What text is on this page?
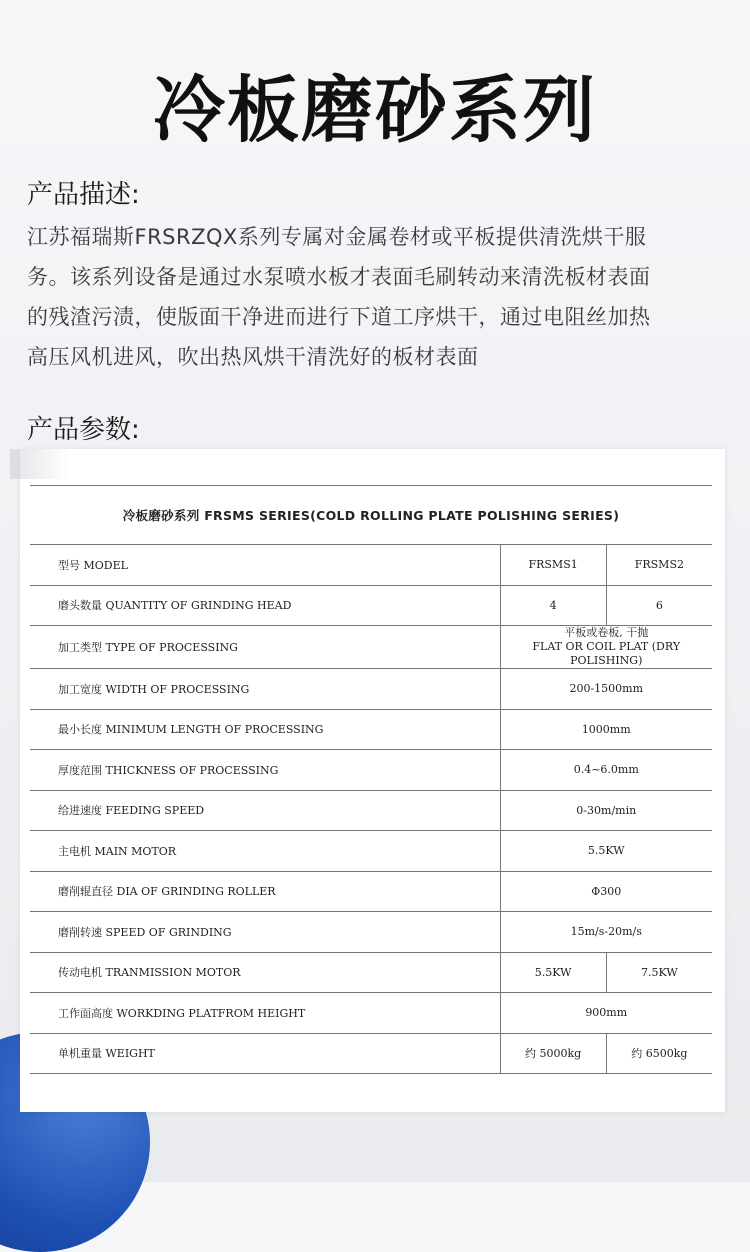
冷板磨砂系列
产品描述:
江苏福瑞斯FRSRZQX系列专属对金属卷材或平板提供清洗烘干服
务。该系列设备是通过水泵喷水板才表面毛刷转动来清洗板材表面
的残渣污渍，使版面干净进而进行下道工序烘干，通过电阻丝加热
高压风机进风，吹出热风烘干清洗好的板材表面
产品参数:
冷板磨砂系列 FRSMS SERIES(COLD ROLLING PLATE POLISHING SERIES)		
型号 MODEL	FRSMS1	FRSMS2
磨头数量 QUANTITY OF GRINDING HEAD	4	6
加工类型 TYPE OF PROCESSING	平板或卷板, 干抛
FLAT OR COIL PLAT (DRY POLISHING)	

加工宽度 WIDTH OF PROCESSING	200-1500mm	
最小长度 MINIMUM LENGTH OF PROCESSING	1000mm	
厚度范围 THICKNESS OF PROCESSING	0.4~6.0mm	
给进速度 FEEDING SPEED	0-30m/min	
主电机 MAIN MOTOR	5.5KW	
磨削辊直径 DIA OF GRINDING ROLLER	Φ300	
磨削转速 SPEED OF GRINDING	15m/s-20m/s	
传动电机 TRANMISSION MOTOR	5.5KW	7.5KW
工作面高度 WORKDING PLATFROM HEIGHT	900mm	
单机重量 WEIGHT	约 5000kg	约 6500kg
